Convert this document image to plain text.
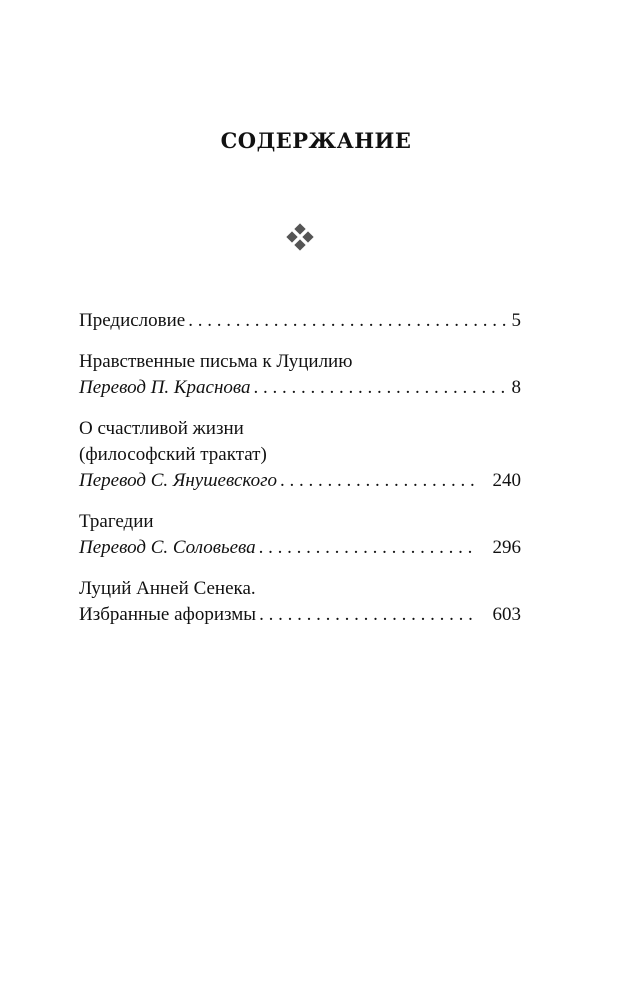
СОДЕРЖАНИЕ
Предисловие . . .	5
Нравственные письма к Луцилию
Перевод П. Краснова . . .	8
О счастливой жизни
(философский трактат)
Перевод С. Янушевского . . .	240
Трагедии
Перевод С. Соловьева . . .	296
Луций Анней Сенека.
Избранные афоризмы . . .	603
